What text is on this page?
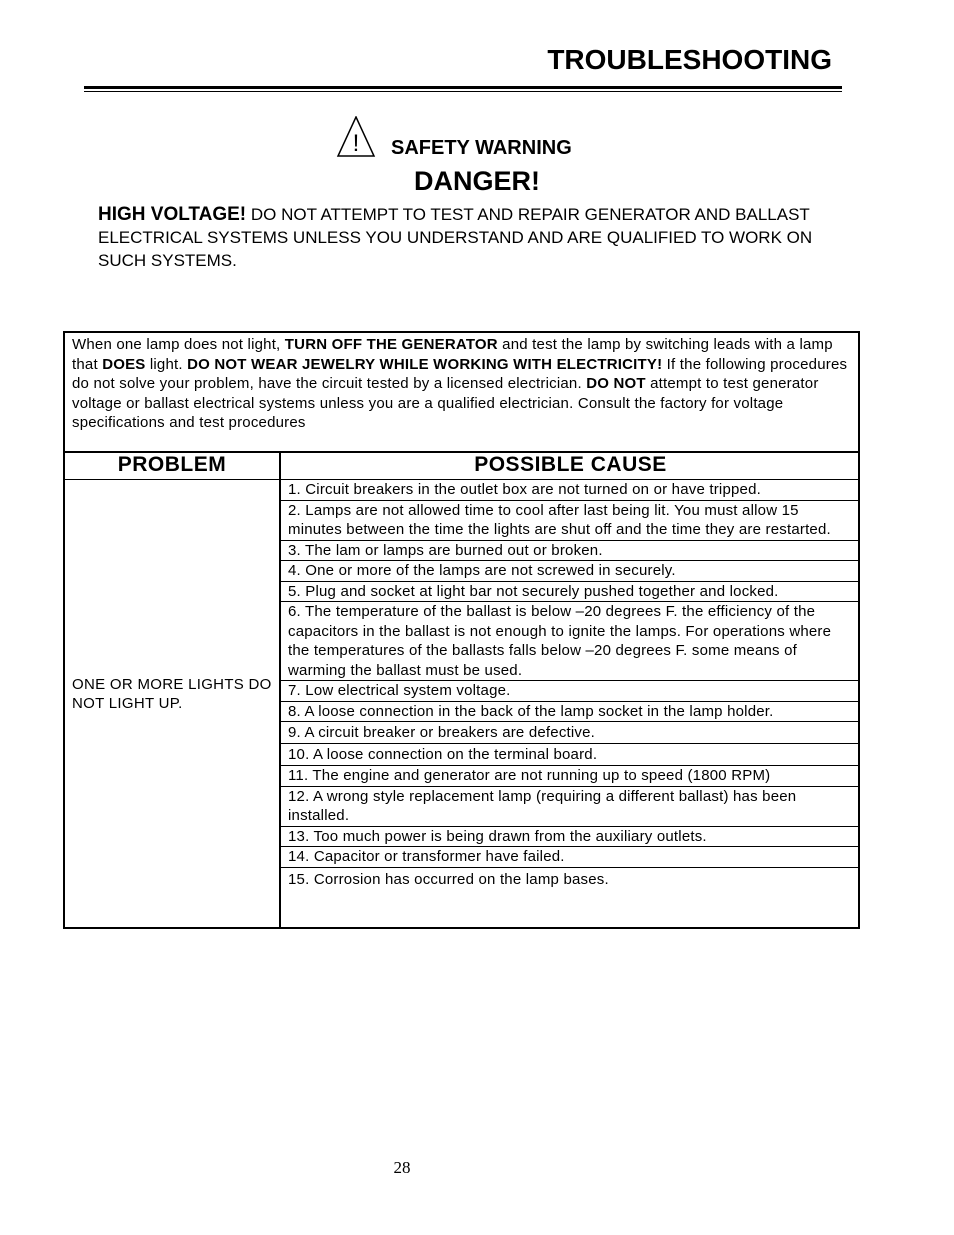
TROUBLESHOOTING
! SAFETY WARNING
DANGER!
HIGH VOLTAGE! DO NOT ATTEMPT TO TEST AND REPAIR GENERATOR AND BALLAST ELECTRICAL SYSTEMS UNLESS YOU UNDERSTAND AND ARE QUALIFIED TO WORK ON SUCH SYSTEMS.
When one lamp does not light, TURN OFF THE GENERATOR and test the lamp by switching leads with a lamp that DOES light. DO NOT WEAR JEWELRY WHILE WORKING WITH ELECTRICITY! If the following procedures do not solve your problem, have the circuit tested by a licensed electrician. DO NOT attempt to test generator voltage or ballast electrical systems unless you are a qualified electrician. Consult the factory for voltage specifications and test procedures
PROBLEM	POSSIBLE CAUSE
ONE OR MORE LIGHTS DO NOT LIGHT UP.
1. Circuit breakers in the outlet box are not turned on or have tripped.
2. Lamps are not allowed time to cool after last being lit. You must allow 15 minutes between the time the lights are shut off and the time they are restarted.
3. The lam or lamps are burned out or broken.
4. One or more of the lamps are not screwed in securely.
5. Plug and socket at light bar not securely pushed together and locked.
6. The temperature of the ballast is below –20 degrees F. the efficiency of the capacitors in the ballast is not enough to ignite the lamps. For operations where the temperatures of the ballasts falls below –20 degrees F. some means of warming the ballast must be used.
7. Low electrical system voltage.
8. A loose connection in the back of the lamp socket in the lamp holder.
9. A circuit breaker or breakers are defective.
10. A loose connection on the terminal board.
11. The engine and generator are not running up to speed (1800 RPM)
12. A wrong style replacement lamp (requiring a different ballast) has been installed.
13. Too much power is being drawn from the auxiliary outlets.
14. Capacitor or transformer have failed.
15. Corrosion has occurred on the lamp bases.
28
